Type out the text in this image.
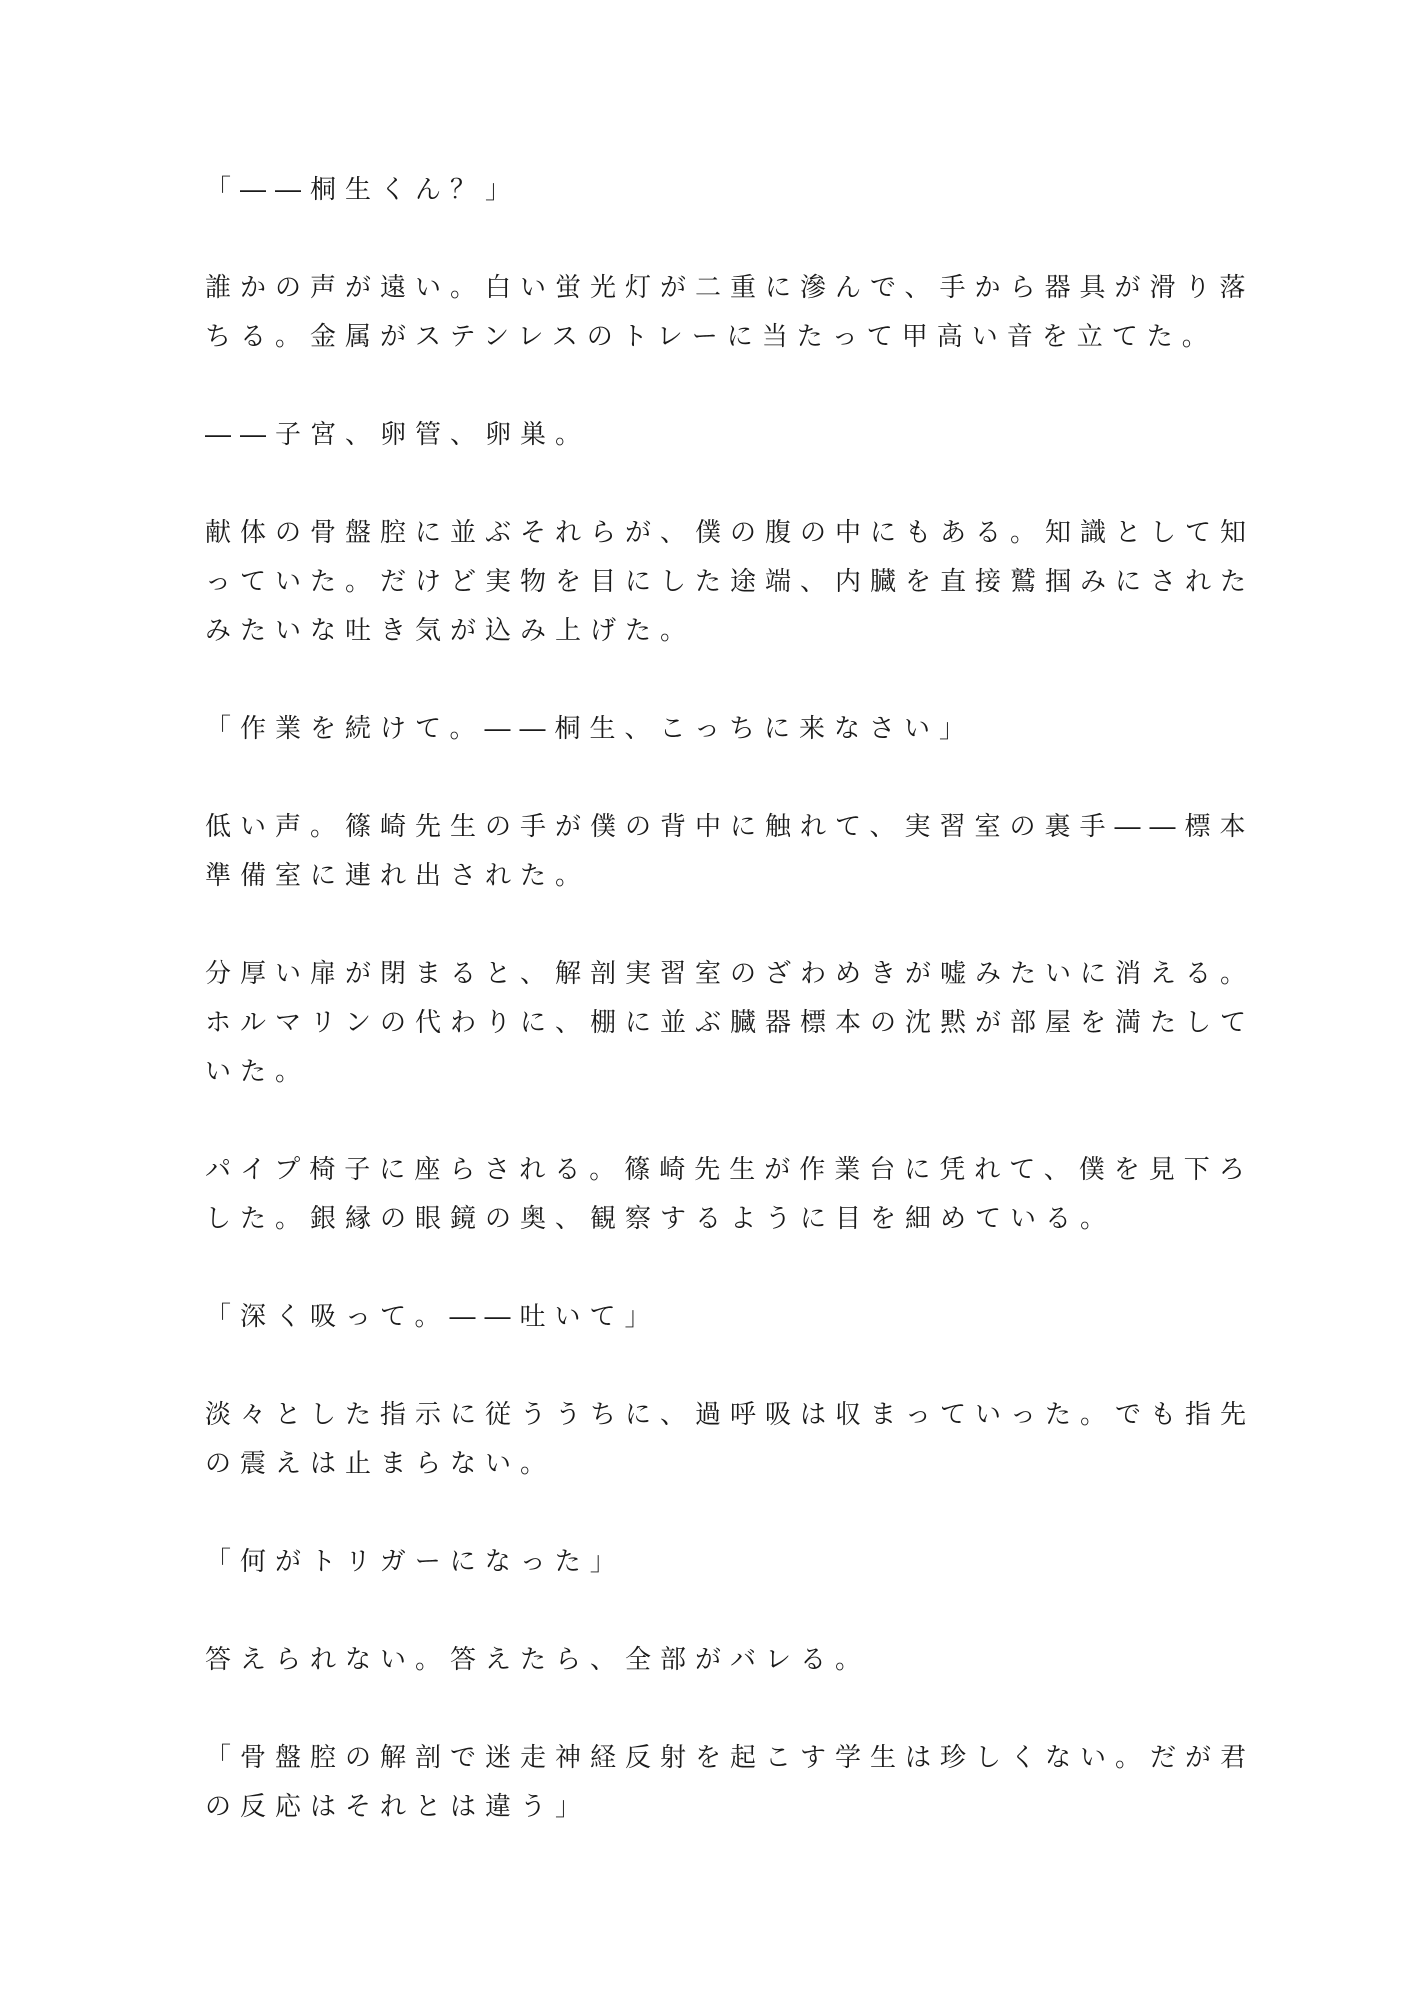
「――桐生くん？」
誰かの声が遠い。白い蛍光灯が二重に滲んで、手から器具が滑り落
ちる。金属がステンレスのトレーに当たって甲高い音を立てた。
――子宮、卵管、卵巣。
献体の骨盤腔に並ぶそれらが、僕の腹の中にもある。知識として知
っていた。だけど実物を目にした途端、内臓を直接鷲掴みにされた
みたいな吐き気が込み上げた。
「作業を続けて。――桐生、こっちに来なさい」
低い声。篠崎先生の手が僕の背中に触れて、実習室の裏手――標本
準備室に連れ出された。
分厚い扉が閉まると、解剖実習室のざわめきが嘘みたいに消える。
ホルマリンの代わりに、棚に並ぶ臓器標本の沈黙が部屋を満たして
いた。
パイプ椅子に座らされる。篠崎先生が作業台に凭れて、僕を見下ろ
した。銀縁の眼鏡の奥、観察するように目を細めている。
「深く吸って。――吐いて」
淡々とした指示に従ううちに、過呼吸は収まっていった。でも指先
の震えは止まらない。
「何がトリガーになった」
答えられない。答えたら、全部がバレる。
「骨盤腔の解剖で迷走神経反射を起こす学生は珍しくない。だが君
の反応はそれとは違う」
